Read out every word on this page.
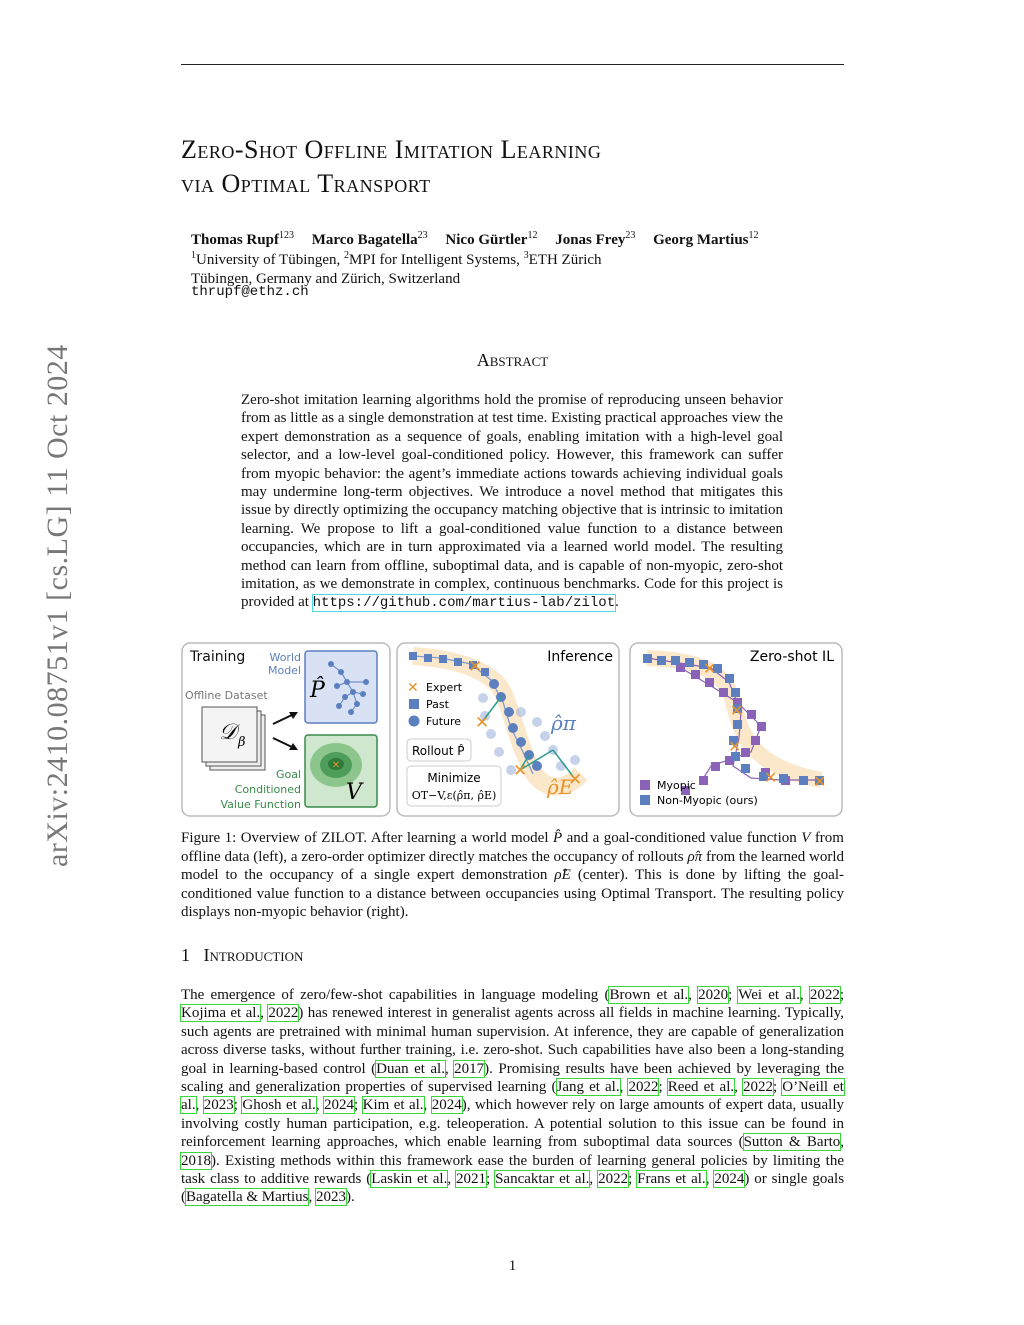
Zero-Shot Offline Imitation Learning
via Optimal Transport
Thomas Rupf$^{123}$ Marco Bagatella$^{23}$ Nico Gürtler$^{12}$ Jonas Frey$^{23}$ Georg Martius$^{12}$
$^1$University of Tübingen, $^2$MPI for Intelligent Systems, $^3$ETH Zürich
Tübingen, Germany and Zürich, Switzerland
thrupf@ethz.ch
arXiv:2410.08751v1 [cs.LG] 11 Oct 2024	Abstract
Zero-shot imitation learning algorithms hold the promise of reproducing unseen behavior from as little as a single demonstration at test time. Existing practical approaches view the expert demonstration as a sequence of goals, enabling imitation with a high-level goal selector, and a low-level goal-conditioned policy. However, this framework can suffer from myopic behavior: the agent’s immediate actions towards achieving individual goals may undermine long-term objectives. We introduce a novel method that mitigates this issue by directly optimizing the occupancy matching objective that is intrinsic to imitation learning. We propose to lift a goal-conditioned value function to a distance between occupancies, which are in turn approximated via a learned world model. The resulting method can learn from offline, suboptimal data, and is capable of non-myopic, zero-shot imitation, as we demonstrate in complex, continuous benchmarks. Code for this project is provided at https://github.com/martius-lab/zilot.
Training World
Model
Offline Dataset
𝒟 β
P̂
✕
V
Goal
Conditioned
Value Function
Inference
✕
✕
✕ ✕
ρ̂π
ρ̂E
✕ Expert
Past
Future
Rollout P̂
Minimize
OT−V,ε(ρ̂π, ρ̂E)
Zero-shot IL
✕
✕
✕
✕ ✕
Myopic
Non-Myopic (ours)
Figure 1: Overview of ZILOT. After learning a world model P̂ and a goal-conditioned value function V from offline data (left), a zero-order optimizer directly matches the occupancy of rollouts ρ̂π from the learned world model to the occupancy of a single expert demonstration ρ̂E (center). This is done by lifting the goal-conditioned value function to a distance between occupancies using Optimal Transport. The resulting policy displays non-myopic behavior (right).
1 Introduction
The emergence of zero/few-shot capabilities in language modeling (Brown et al., 2020; Wei et al., 2022; Kojima et al., 2022) has renewed interest in generalist agents across all fields in machine learning. Typically, such agents are pretrained with minimal human supervision. At inference, they are capable of generalization across diverse tasks, without further training, i.e. zero-shot. Such capabilities have also been a long-standing goal in learning-based control (Duan et al., 2017). Promising results have been achieved by leveraging the scaling and generalization properties of supervised learning (Jang et al., 2022; Reed et al., 2022; O’Neill et al., 2023; Ghosh et al., 2024; Kim et al., 2024), which however rely on large amounts of expert data, usually involving costly human participation, e.g. teleoperation. A potential solution to this issue can be found in reinforcement learning approaches, which enable learning from suboptimal data sources (Sutton & Barto, 2018). Existing methods within this framework ease the burden of learning general policies by limiting the task class to additive rewards (Laskin et al., 2021; Sancaktar et al., 2022; Frans et al., 2024) or single goals (Bagatella & Martius, 2023).
1
